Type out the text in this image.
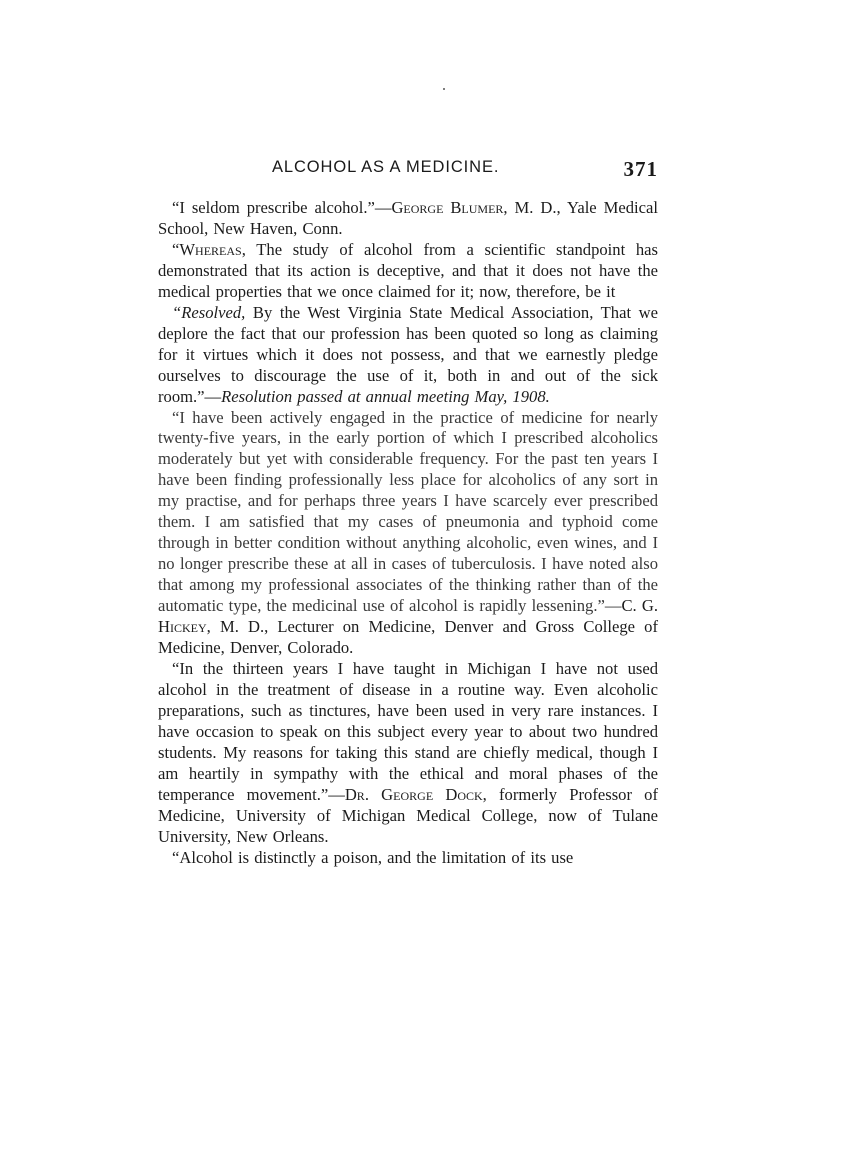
ALCOHOL AS A MEDICINE.	371

“I seldom prescribe alcohol.”—George Blumer, M. D., Yale Medical School, New Haven, Conn.

“Whereas, The study of alcohol from a scientific standpoint has demonstrated that its action is deceptive, and that it does not have the medical properties that we once claimed for it; now, therefore, be it

“Resolved, By the West Virginia State Medical Association, That we deplore the fact that our profession has been quoted so long as claiming for it virtues which it does not possess, and that we earnestly pledge ourselves to discourage the use of it, both in and out of the sick room.”—Resolution passed at annual meeting May, 1908.

“I have been actively engaged in the practice of medicine for nearly twenty-five years, in the early portion of which I prescribed alcoholics moderately but yet with considerable frequency. For the past ten years I have been finding professionally less place for alcoholics of any sort in my practise, and for perhaps three years I have scarcely ever prescribed them. I am satisfied that my cases of pneumonia and typhoid come through in better condition without anything alcoholic, even wines, and I no longer prescribe these at all in cases of tuberculosis. I have noted also that among my professional associates of the thinking rather than of the automatic type, the medicinal use of alcohol is rapidly lessening.”—C. G. Hickey, M. D., Lecturer on Medicine, Denver and Gross College of Medicine, Denver, Colorado.

“In the thirteen years I have taught in Michigan I have not used alcohol in the treatment of disease in a routine way. Even alcoholic preparations, such as tinctures, have been used in very rare instances. I have occasion to speak on this subject every year to about two hundred students. My reasons for taking this stand are chiefly medical, though I am heartily in sympathy with the ethical and moral phases of the temperance movement.”—Dr. George Dock, formerly Professor of Medicine, University of Michigan Medical College, now of Tulane University, New Orleans.

“Alcohol is distinctly a poison, and the limitation of its use
